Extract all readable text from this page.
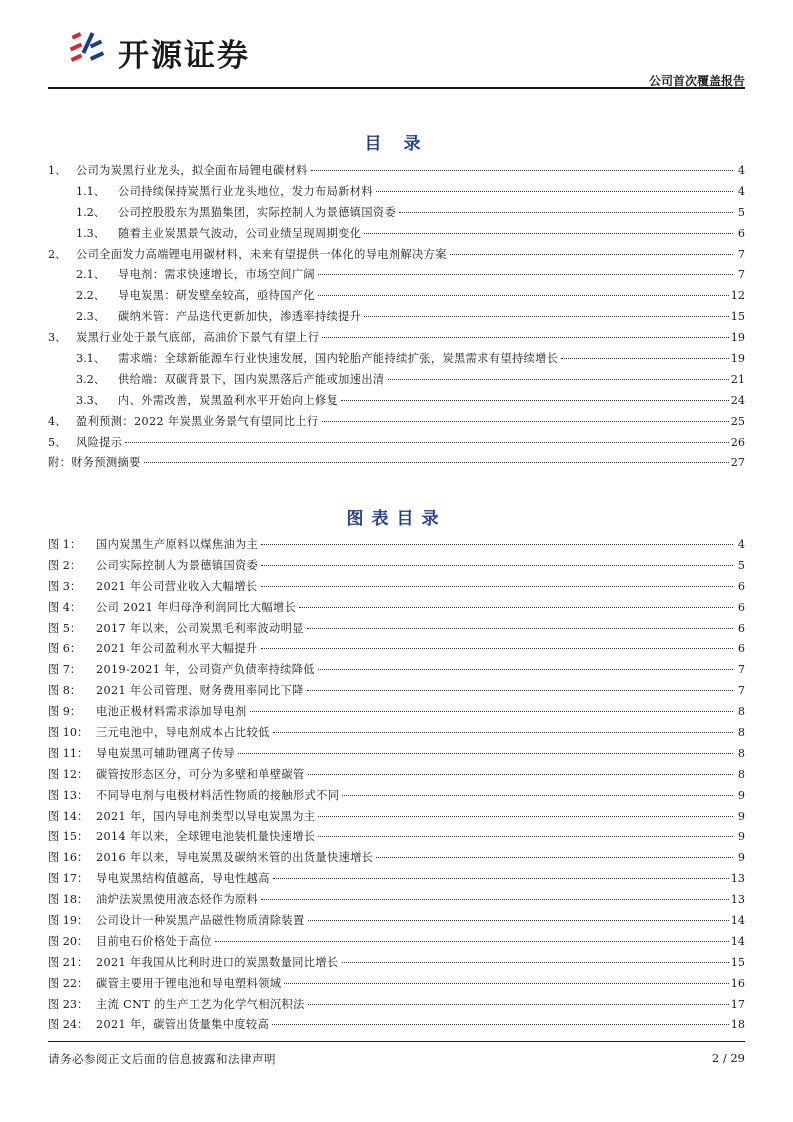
开源证券
公司首次覆盖报告
目 录
1、 公司为炭黑行业龙头，拟全面布局锂电碳材料	4
1.1、	公司持续保持炭黑行业龙头地位，发力布局新材料	4
1.2、	公司控股股东为黑猫集团，实际控制人为景德镇国资委	5
1.3、	随着主业炭黑景气波动，公司业绩呈现周期变化	6
2、 公司全面发力高端锂电用碳材料，未来有望提供一体化的导电剂解决方案	7
2.1、	导电剂：需求快速增长，市场空间广阔	7
2.2、	导电炭黑：研发壁垒较高，亟待国产化	12
2.3、	碳纳米管：产品迭代更新加快，渗透率持续提升	15
3、 炭黑行业处于景气底部，高油价下景气有望上行	19
3.1、	需求端：全球新能源车行业快速发展，国内轮胎产能持续扩张，炭黑需求有望持续增长	19
3.2、	供给端：双碳背景下，国内炭黑落后产能或加速出清	21
3.3、	内、外需改善，炭黑盈利水平开始向上修复	24
4、 盈利预测：2022 年炭黑业务景气有望同比上行	25
5、 风险提示	26
附：财务预测摘要	27
图表目录
图 1：	国内炭黑生产原料以煤焦油为主	4
图 2：	公司实际控制人为景德镇国资委	5
图 3：	2021 年公司营业收入大幅增长	6
图 4：	公司 2021 年归母净利润同比大幅增长	6
图 5：	2017 年以来，公司炭黑毛利率波动明显	6
图 6：	2021 年公司盈利水平大幅提升	6
图 7：	2019-2021 年，公司资产负债率持续降低	7
图 8：	2021 年公司管理、财务费用率同比下降	7
图 9：	电池正极材料需求添加导电剂	8
图 10： 三元电池中，导电剂成本占比较低	8
图 11： 导电炭黑可辅助锂离子传导	8
图 12： 碳管按形态区分，可分为多壁和单壁碳管	8
图 13： 不同导电剂与电极材料活性物质的接触形式不同	9
图 14： 2021 年，国内导电剂类型以导电炭黑为主	9
图 15： 2014 年以来，全球锂电池装机量快速增长	9
图 16： 2016 年以来，导电炭黑及碳纳米管的出货量快速增长	9
图 17： 导电炭黑结构值越高，导电性越高	13
图 18： 油炉法炭黑使用液态烃作为原料	13
图 19： 公司设计一种炭黑产品磁性物质清除装置	14
图 20： 目前电石价格处于高位	14
图 21： 2021 年我国从比利时进口的炭黑数量同比增长	15
图 22： 碳管主要用于锂电池和导电塑料领域	16
图 23： 主流 CNT 的生产工艺为化学气相沉积法	17
图 24： 2021 年，碳管出货量集中度较高	18
请务必参阅正文后面的信息披露和法律声明	2 / 29
